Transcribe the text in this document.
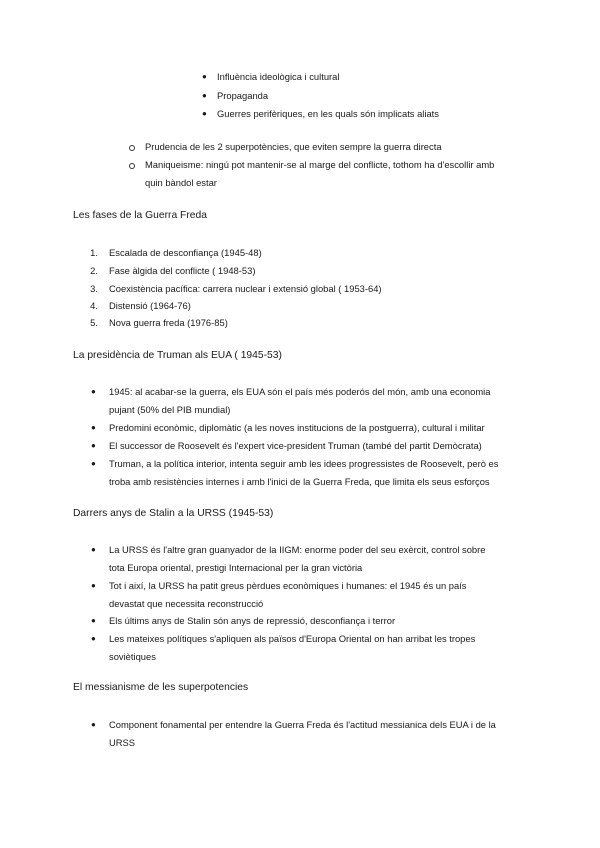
● Influència ideològica i cultural
● Propaganda
● Guerres perifèriques, en les quals són implicats aliats
Prudencia de les 2 superpotències, que eviten sempre la guerra directa
Maniqueisme: ningú pot mantenir-se al marge del conflicte, tothom ha d'escollir amb
quin bàndol estar
Les fases de la Guerra Freda
1. Escalada de desconfiança (1945-48)
2. Fase àlgida del conflicte ( 1948-53)
3. Coexistència pacífica: carrera nuclear i extensió global ( 1953-64)
4. Distensió (1964-76)
5. Nova guerra freda (1976-85)
La presidència de Truman als EUA ( 1945-53)
● 1945: al acabar-se la guerra, els EUA són el país més poderós del món, amb una economia
pujant (50% del PIB mundial)
● Predomini econòmic, diplomàtic (a les noves institucions de la postguerra), cultural i militar
● El successor de Roosevelt és l'expert vice-president Truman (també del partit Demòcrata)
● Truman, a la política interior, intenta seguir amb les idees progressistes de Roosevelt, però es
troba amb resistències internes i amb l'inici de la Guerra Freda, que limita els seus esforços
Darrers anys de Stalin a la URSS (1945-53)
● La URSS és l'altre gran guanyador de la IIGM: enorme poder del seu exèrcit, control sobre
tota Europa oriental, prestigi Internacional per la gran victòria
● Tot i així, la URSS ha patit greus pèrdues econòmiques i humanes: el 1945 és un país
devastat que necessita reconstrucció
● Els últims anys de Stalin són anys de repressió, desconfiança i terror
● Les mateixes polítiques s'apliquen als països d'Europa Oriental on han arribat les tropes
soviètiques
El messianisme de les superpotencies
● Component fonamental per entendre la Guerra Freda és l'actitud messianica dels EUA i de la
URSS
